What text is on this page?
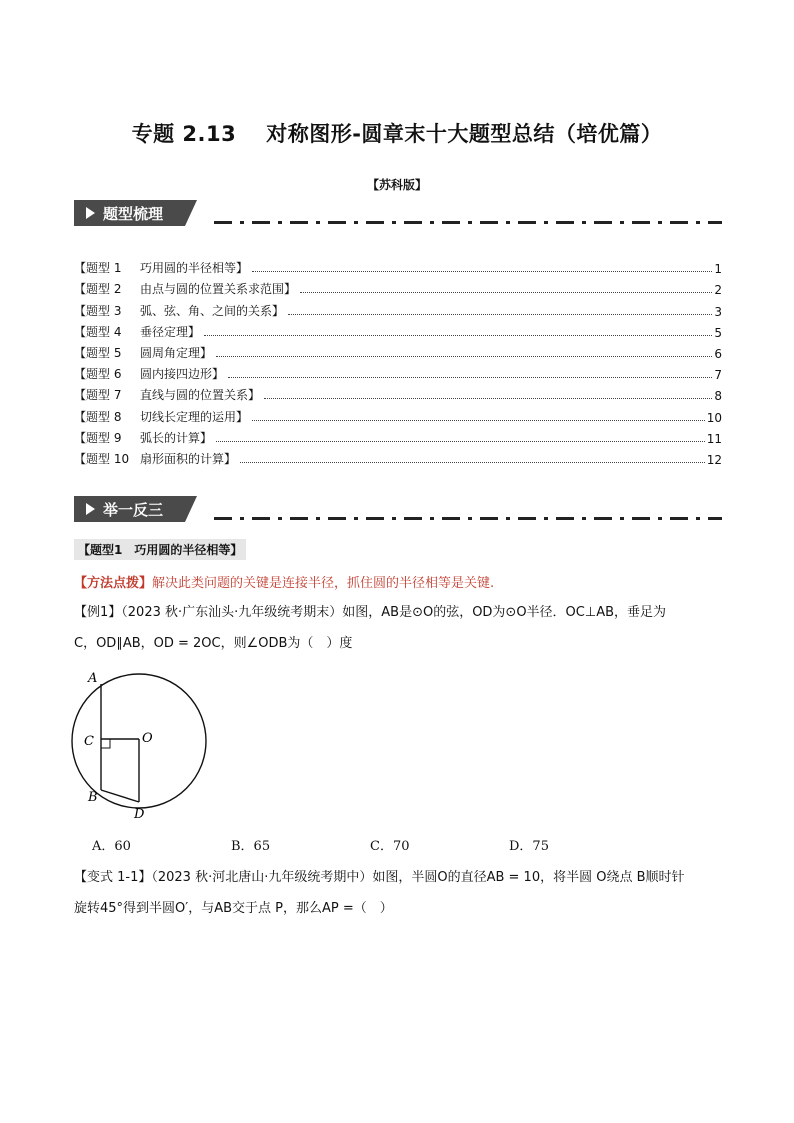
专题 2.13 对称图形-圆章末十大题型总结（培优篇）
【苏科版】
题型梳理
【题型 1 巧用圆的半径相等】	1
【题型 2 由点与圆的位置关系求范围】	2
【题型 3 弧、弦、角、之间的关系】	3
【题型 4 垂径定理】	5
【题型 5 圆周角定理】	6
【题型 6 圆内接四边形】	7
【题型 7 直线与圆的位置关系】	8
【题型 8 切线长定理的运用】	10
【题型 9 弧长的计算】	11
【题型 10 扇形面积的计算】	12
举一反三
【题型1　巧用圆的半径相等】
【方法点拨】解决此类问题的关键是连接半径，抓住圆的半径相等是关键.
【例1】（2023 秋·广东汕头·九年级统考期末）如图，AB是⊙O的弦，OD为⊙O半径．OC⊥AB，垂足为
C，OD∥AB，OD = 2OC，则∠ODB为（　）度
A
C	O
B
D
A．60	B．65	C．70	D．75
【变式 1-1】（2023 秋·河北唐山·九年级统考期中）如图，半圆O的直径AB = 10，将半圆 O绕点 B顺时针
旋转45°得到半圆O′，与AB交于点 P，那么AP =（　）
